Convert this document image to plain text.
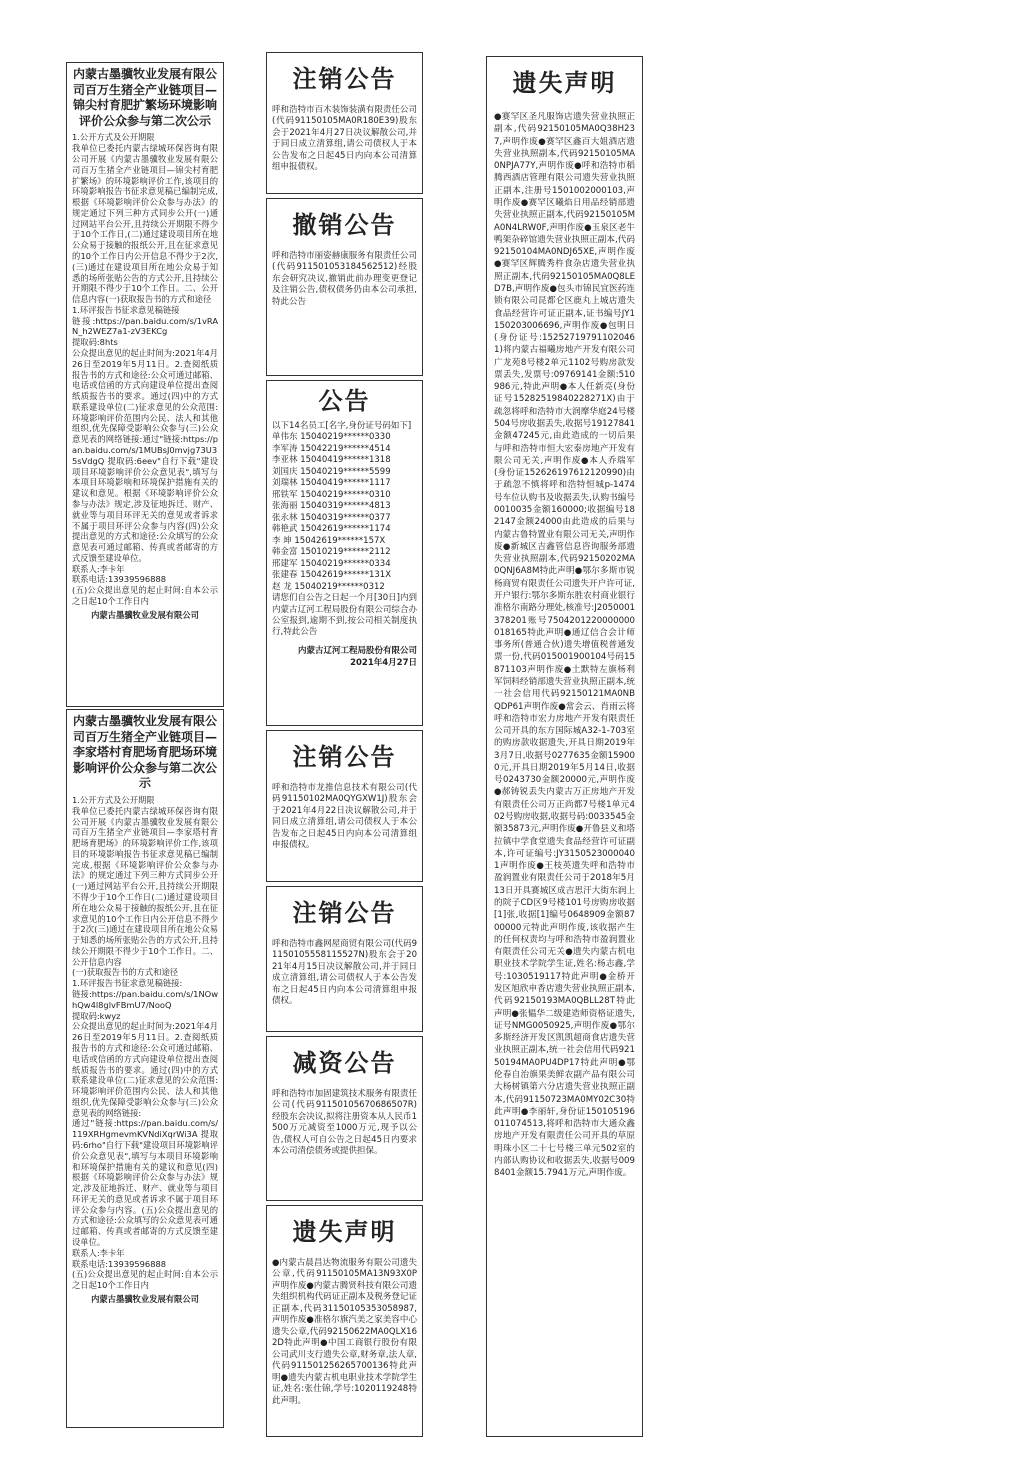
内蒙古墨骥牧业发展有限公司百万生猪全产业链项目—锦尖村育肥扩繁场环境影响评价公众参与第二次公示
1.公开方式及公开期限
我单位已委托内蒙古绿城环保咨询有限公司开展《内蒙古墨骥牧业发展有限公司百万生猪全产业链项目—锦尖村育肥扩繁场》的环境影响评价工作,该项目的环境影响报告书征求意见稿已编制完成,根据《环境影响评价公众参与办法》的规定通过下列三种方式同步公开(一)通过网站平台公开,且持续公开期限不得少于10个工作日,(二)通过建设项目所在地公众易于接触的报纸公开,且在征求意见的10个工作日内公开信息不得少于2次,(三)通过在建设项目所在地公众易于知悉的场所张贴公告的方式公开,且持续公开期限不得少于10个工作日。二、公开信息内容(一)获取报告书的方式和途径
1.环评报告书征求意见稿链接
链接:https://pan.baidu.com/s/1vRAN_h2WEZ7a1-zV3EKCg
提取码:8hts
公众提出意见的起止时间为:2021年4月26日至2019年5月11日。2.查阅纸质报告书的方式和途径:公众可通过邮箱、电话或信函的方式向建设单位提出查阅纸质报告书的要求。通过(四)中的方式联系建设单位(二)征求意见的公众范围:环境影响评价范围内公民、法人和其他组织,优先保障受影响公众参与(三)公众意见表的网络链接:通过"链接:https://pan.baidu.com/s/1MUBsJ0mvjg73U35sVdgQ 提取码:6eev"自行下载"建设项目环境影响评价公众意见表",填写与本项目环境影响和环境保护措施有关的建议和意见。根据《环境影响评价公众参与办法》规定,涉及征地拆迁、财产、就业等与项目环评无关的意见或者诉求不属于项目环评公众参与内容(四)公众提出意见的方式和途径:公众填写的公众意见表可通过邮箱、传真或者邮寄的方式反馈至建设单位。
联系人:李卡年
联系电话:13939596888
(五)公众提出意见的起止时间:自本公示之日起10个工作日内
内蒙古墨骥牧业发展有限公司
内蒙古墨骥牧业发展有限公司百万生猪全产业链项目—李家塔村育肥场育肥场环境影响评价公众参与第二次公示
1.公开方式及公开期限
我单位已委托内蒙古绿城环保咨询有限公司开展《内蒙古墨骥牧业发展有限公司百万生猪全产业链项目—李家塔村育肥场育肥场》的环境影响评价工作,该项目的环境影响报告书征求意见稿已编制完成,根据《环境影响评价公众参与办法》的规定通过下列三种方式同步公开(一)通过网站平台公开,且持续公开期限不得少于10个工作日(二)通过建设项目所在地公众易于接触的报纸公开,且在征求意见的10个工作日内公开信息不得少于2次(三)通过在建设项目所在地公众易于知悉的场所张贴公告的方式公开,且持续公开期限不得少于10个工作日。二、公开信息内容
(一)获取报告书的方式和途径
1.环评报告书征求意见稿链接:
链接:https://pan.baidu.com/s/1NOwhQw4l8glvFBmU7/NooQ
提取码:kwyz
公众提出意见的起止时间为:2021年4月26日至2019年5月11日。2.查阅纸质报告书的方式和途径:公众可通过邮箱、电话或信函的方式向建设单位提出查阅纸质报告书的要求。通过(四)中的方式联系建设单位(二)征求意见的公众范围:环境影响评价范围内公民、法人和其他组织,优先保障受影响公众参与(三)公众意见表的网络链接:
通过"链接:https://pan.baidu.com/s/119XRHgmevmKVNdiXqrWi3A 提取码:6rho"自行下载"建设项目环境影响评价公众意见表",填写与本项目环境影响和环境保护措施有关的建议和意见(四)根据《环境影响评价公众参与办法》规定,涉及征地拆迁、财产、就业等与项目环评无关的意见或者诉求不属于项目环评公众参与内容。(五)公众提出意见的方式和途径:公众填写的公众意见表可通过邮箱、传真或者邮寄的方式反馈至建设单位。
联系人:李卡年
联系电话:13939596888
(五)公众提出意见的起止时间:自本公示之日起10个工作日内
内蒙古墨骥牧业发展有限公司
注销公告
呼和浩特市百木装饰装潢有限责任公司(代码91150105MA0R180E39)股东会于2021年4月27日决议解散公司,并于同日成立清算组,请公司债权人于本公告发布之日起45日内向本公司清算组申报债权。
撤销公告
呼和浩特市丽姿赫康服务有限责任公司(代码91150105318456251​2)经股东会研究决议,撤销此前办理变更登记及注销公告,债权债务仍由本公司承担,特此公告
公告
以下14名员工[名字,身份证号码如下]
单伟东 15040219******0330
李军涛 15042219******4514
李亚林 15040419******1318
刘国庆 15040219******5599
刘瑞林 15040419******1117
邢铁军 15040219******0310
张海丽 15040319******4813
张永林 15040319******0377
韩艳武 15042619******1174
李 坤 15042619******157X
韩金富 15010219******2112
邢建军 15040219******0334
张建春 15042619******131X
赵 龙 15040219******0312
请您们自公告之日起一个月[30日]内到内蒙古辽河工程局股份有限公司综合办公室报到,逾期不到,按公司相关制度执行,特此公告
内蒙古辽河工程局股份有限公司
2021年4月27日
注销公告
呼和浩特市龙推信息技术有限公司(代码91150102MA0QYGXW1J)股东会于2021年4月22日决议解散公司,并于同日成立清算组,请公司债权人于本公告发布之日起45日内向本公司清算组申报债权。
注销公告
呼和浩特市鑫网屋商贸有限公司(代码91150105558115527N)股东会于2021年4月15日决议解散公司,并于同日成立清算组,请公司债权人于本公告发布之日起45日内向本公司清算组申报债权。
减资公告
呼和浩特市加固建筑技术服务有限责任公司(代码91150105670686507R)经股东会决议,拟将注册资本从人民币1500万元减资至1000万元,现予以公告,债权人可自公告之日起45日内要求本公司清偿债务或提供担保。
遗失声明
●内蒙古晨昌达物流服务有限公司遗失公章,代码91150105MA13N93X0P声明作废●内蒙古腾贤科技有限公司遗失组织机构代码证正副本及税务登记证正副本,代码3115010535305898​7,声明作废●准格尔旗汽美之家美容中心遗失公章,代码92150622MA0QLX162D特此声明●中国工商银行股份有限公司武川支行遗失公章,财务章,法人章,代码91150125626570013​6特此声明●遗失内蒙古机电职业技术学院学生证,姓名:张仕锦,学号:1020119248特此声明。
遗失声明
●赛罕区圣凡服饰店遗失营业执照正副本,代码92150105MA0Q38H237,声明作废●赛罕区鑫百大姐酒店遗失营业执照副本,代码92150105MA0NPJA77Y,声明作废●呼和浩特市稻腾西酒店管理有限公司遗失营业执照正副本,注册号150100200010​3,声明作废●赛罕区曦焰日用品经销部遗失营业执照正副本,代码92150105MA0N4LRW0F,声明作废●玉泉区老牛鸭架杂碎馆遗失营业执照正副本,代码92150104MA0NDJ65XE,声明作废●赛罕区辉腾秀杵食杂店遗失营业执照正副本,代码92150105MA0Q8LED7B,声明作废●包头市锦民宜医药连锁有限公司昆都仑区鹿丸上城店遗失食品经营许可证正副本,证书编号JY1150203006696,声明作废●包明日(身份证号:152527197911020461)将内蒙古福曦房地产开发有限公司广龙苑8号楼2单元1102号购房款发票丢失,发票号:09769141金额:510986元,特此声明●本人任新亮(身份证号152825198402282​71X)由于疏忽将呼和浩特市大润摩华庭24号楼504号房收据丢失,收据号19127841金额47245元,由此造成的一切后果与呼和浩特市恒大宏泰房地产开发有限公司无关,声明作废●本人乔瑞军(身份证152626197612120990)由于疏忽不慎将呼和浩特恒城p-1474号车位认购书及收据丢失,认购书编号0010035金额160000;收据编号182147金额24000由此造成的后果与内蒙古鲁特置业有限公司无关,声明作废●新城区吉鑫管信息咨询服务部遗失营业执照副本,代码92150202MA0QNJ6A8M特此声明●鄂尔多斯市锐杨商贸有限责任公司遗失开户许可证,开户银行:鄂尔多斯东胜农村商业银行准格尔南路分理处,核准号:J2050001378201账号75042012200000000181​65特此声明●通辽信合会计师事务所(普通合伙)遗失增值税普通发票一份,代码015001900104号码15871103声明作废●土默特左旗杨利军饲料经销部遗失营业执照正副本,统一社会信用代码92150121MA0NBQDP61声明作废●常会云、肖雨云将呼和浩特市宏力房地产开发有限责任公司开具的东方国际城A32-1-703室的购房款收据遗失,开具日期2019年3月7日,收据号0277635金额159000元,开具日期2019年5月14日,收据号0243730金额20000元,声明作废●郝铸锐丢失内蒙古万正房地产开发有限责任公司万正尚都7号楼1单元402号购房收据,收据号码:0033545金额35873元,声明作废●开鲁县义和塔拉镇中学食堂遗失食品经营许可证副本,许可证编号:JY31505230000401声明作废●王枝英遗失呼和浩特市盈润置业有限责任公司于2018年5月13日开具赛城区成吉思汗大街东润上的院子CD区9号楼101号房购房收据[1]张,收据[1]编号0648909金额8700000元特此声明作废,该收据产生的任何权责均与呼和浩特市盈润置业有限责任公司无关●遗失内蒙古机电职业技术学院学生证,姓名:杨志鑫,学号:1030519117特此声明●金桥开发区旭欣申香店遗失营业执照正副本,代码92150193MA0QBLL28T特此声明●张韫华二级建造师资格证遗失,证号NMG0050925,声明作废●鄂尔多斯经济开发区凯凯超商食店遗失营业执照正副本,统一社会信用代码92150194MA0PU4DP17特此声明●鄂伦春自治旗果美鲜农副产品有限公司大杨树镇第六分店遗失营业执照正副本,代码91150723MA0MY02C30特此声明●李丽轩,身份证150105196011074513,将呼和浩特市大通众鑫房地产开发有限责任公司开具的草原明珠小区二十七号楼三单元502室的内部认购协议和收据丢失,收据号0098401金额15.7941万元,声明作废。
